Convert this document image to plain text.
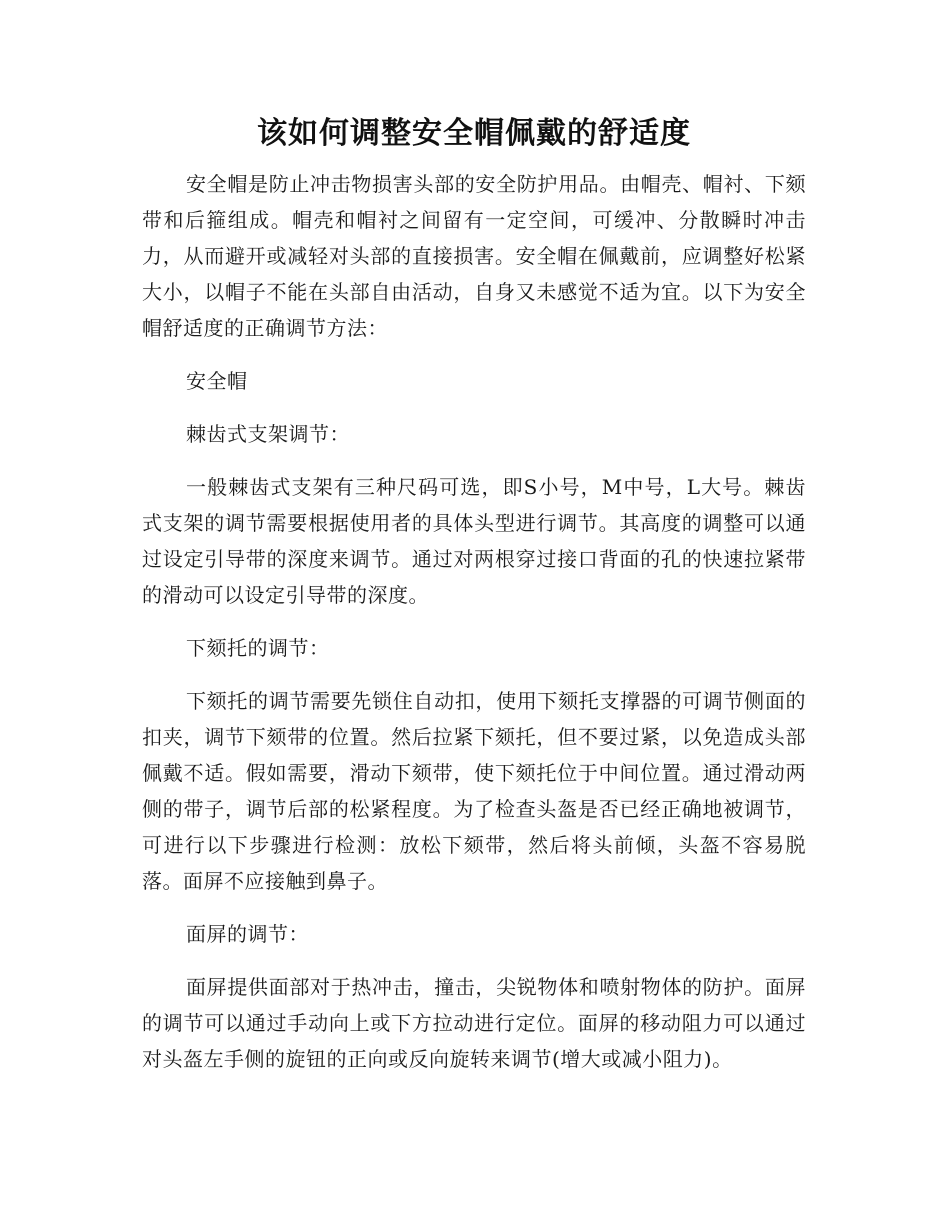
该如何调整安全帽佩戴的舒适度

安全帽是防止冲击物损害头部的安全防护用品。由帽壳、帽衬、下颏带和后箍组成。帽壳和帽衬之间留有一定空间，可缓冲、分散瞬时冲击力，从而避开或减轻对头部的直接损害。安全帽在佩戴前，应调整好松紧大小，以帽子不能在头部自由活动，自身又未感觉不适为宜。以下为安全帽舒适度的正确调节方法：

安全帽

棘齿式支架调节：

一般棘齿式支架有三种尺码可选，即S小号，M中号，L大号。棘齿式支架的调节需要根据使用者的具体头型进行调节。其高度的调整可以通过设定引导带的深度来调节。通过对两根穿过接口背面的孔的快速拉紧带的滑动可以设定引导带的深度。

下颏托的调节：

下颏托的调节需要先锁住自动扣，使用下颏托支撑器的可调节侧面的扣夹，调节下颏带的位置。然后拉紧下颏托，但不要过紧，以免造成头部佩戴不适。假如需要，滑动下颏带，使下颏托位于中间位置。通过滑动两侧的带子，调节后部的松紧程度。为了检查头盔是否已经正确地被调节，可进行以下步骤进行检测：放松下颏带，然后将头前倾，头盔不容易脱落。面屏不应接触到鼻子。

面屏的调节：

面屏提供面部对于热冲击，撞击，尖锐物体和喷射物体的防护。面屏的调节可以通过手动向上或下方拉动进行定位。面屏的移动阻力可以通过对头盔左手侧的旋钮的正向或反向旋转来调节(增大或减小阻力)。
